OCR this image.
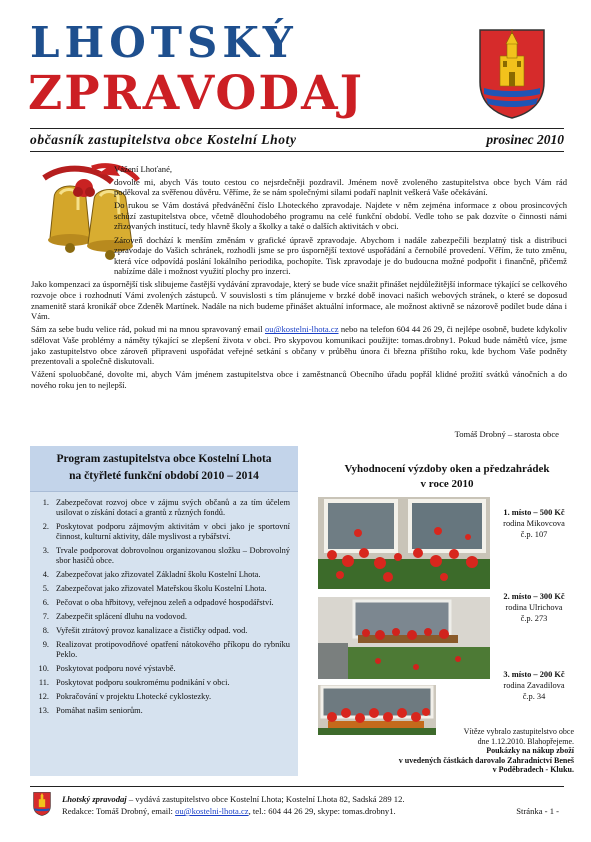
LHOTSKÝ
ZPRAVODAJ
občasník zastupitelstva obce Kostelní Lhoty	prosinec 2010
Vážení Lhoťané,
dovolte mi, abych Vás touto cestou co nejsrdečněji pozdravil. Jménem nově zvoleného zastupitelstva obce bych Vám rád poděkoval za svěřenou důvěru. Věříme, že se nám společnými silami podaří naplnit veškerá Vaše očekávání.
Do rukou se Vám dostává předváněční číslo Lhoteckého zpravodaje. Najdete v něm zejména informace z obou prosincových schůzí zastupitelstva obce, včetně dlouhodobého programu na celé funkční období. Vedle toho se pak dozvíte o činnosti námi zřizovaných institucí, tedy hlavně školy a školky a také o dalších aktivitách v obci.
Zároveň dochází k menším změnám v grafické úpravě zpravodaje. Abychom i nadále zabezpečili bezplatný tisk a distribuci zpravodaje do Vašich schránek, rozhodli jsme se pro úspornější textové uspořádání a černobílé provedení. Věřím, že tuto změnu, která více odpovídá poslání lokálního periodika, pochopíte. Tisk zpravodaje je do budoucna možné podpořit i finančně, přičemž nabízíme dále i možnost využití plochy pro inzerci.
Jako kompenzaci za úspornější tisk slibujeme častější vydávání zpravodaje, který se bude více snažit přinášet nejdůležitější informace týkající se celkového rozvoje obce i rozhodnutí Vámi zvolených zástupců. V souvislosti s tím plánujeme v brzké době inovaci našich webových stránek, o které se doposud znamenitě stará kronikář obce Zdeněk Martínek. Nadále na nich budeme přinášet aktuální informace, ale možnost aktivně se názorově podílet bude dána i Vám.
Sám za sebe budu velice rád, pokud mi na mnou spravovaný email ou@kostelni-lhota.cz nebo na telefon 604 44 26 29, či nejlépe osobně, budete kdykoliv sdělovat Vaše problémy a náměty týkající se zlepšení života v obci. Pro skypovou komunikaci použijte: tomas.drobny1. Pokud bude námětů více, jsme jako zastupitelstvo obce zároveň připraveni uspořádat veřejné setkání s občany v průběhu února či března příštího roku, kde bychom Vaše podněty prezentovali a společně diskutovali.
Vážení spoluobčané, dovolte mi, abych Vám jménem zastupitelstva obce i zaměstnanců Obecního úřadu popřál klidné prožití svátků vánočních a do nového roku jen to nejlepší.
Tomáš Drobný – starosta obce
Program zastupitelstva obce Kostelní Lhota
na čtyřleté funkční období 2010 – 2014
1. Zabezpečovat rozvoj obce v zájmu svých občanů a za tím účelem usilovat o získání dotací a grantů z různých fondů.
2. Poskytovat podporu zájmovým aktivitám v obci jako je sportovní činnost, kulturní aktivity, dále myslivost a rybářství.
3. Trvale podporovat dobrovolnou organizovanou složku – Dobrovolný sbor hasičů obce.
4. Zabezpečovat jako zřizovatel Základní školu Kostelní Lhota.
5. Zabezpečovat jako zřizovatel Mateřskou školu Kostelní Lhota.
6. Pečovat o oba hřbitovy, veřejnou zeleň a odpadové hospodářství.
7. Zabezpečit splácení dluhu na vodovod.
8. Vyřešit ztrátový provoz kanalizace a čističky odpad. vod.
9. Realizovat protipovodňové opatření nátokového příkopu do rybníku Peklo.
10. Poskytovat podporu nové výstavbě.
11. Poskytovat podporu soukromému podnikání v obci.
12. Pokračování v projektu Lhotecké cyklostezky.
13. Pomáhat našim seniorům.
Vyhodnocení výzdoby oken a předzahrádek
v roce 2010
1. místo – 500 Kč
rodina Mikovcova
č.p. 107
2. místo – 300 Kč
rodina Ulrichova
č.p. 273
3. místo – 200 Kč
rodina Zavadilova
č.p. 34
Vítěze vybralo zastupitelstvo obce
dne 1.12.2010. Blahopřejeme.
Poukázky na nákup zboží
v uvedených částkách darovalo Zahradnictví Beneš
v Poděbradech - Kluku.
Lhotský zpravodaj – vydává zastupitelstvo obce Kostelní Lhota; Kostelní Lhota 82, Sadská 289 12.
Redakce: Tomáš Drobný, email: ou@kostelni-lhota.cz, tel.: 604 44 26 29, skype: tomas.drobny1.	Stránka - 1 -
